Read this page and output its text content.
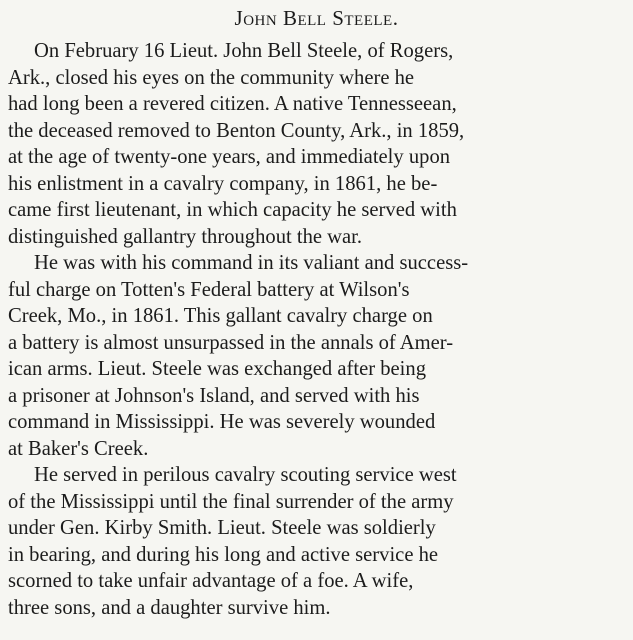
John Bell Steele.
On February 16 Lieut. John Bell Steele, of Rogers,
Ark., closed his eyes on the community where he
had long been a revered citizen. A native Tennesseean,
the deceased removed to Benton County, Ark., in 1859,
at the age of twenty-one years, and immediately upon
his enlistment in a cavalry company, in 1861, he be-
came first lieutenant, in which capacity he served with
distinguished gallantry throughout the war.
He was with his command in its valiant and success-
ful charge on Totten's Federal battery at Wilson's
Creek, Mo., in 1861. This gallant cavalry charge on
a battery is almost unsurpassed in the annals of Amer-
ican arms. Lieut. Steele was exchanged after being
a prisoner at Johnson's Island, and served with his
command in Mississippi. He was severely wounded
at Baker's Creek.
He served in perilous cavalry scouting service west
of the Mississippi until the final surrender of the army
under Gen. Kirby Smith. Lieut. Steele was soldierly
in bearing, and during his long and active service he
scorned to take unfair advantage of a foe. A wife,
three sons, and a daughter survive him.
